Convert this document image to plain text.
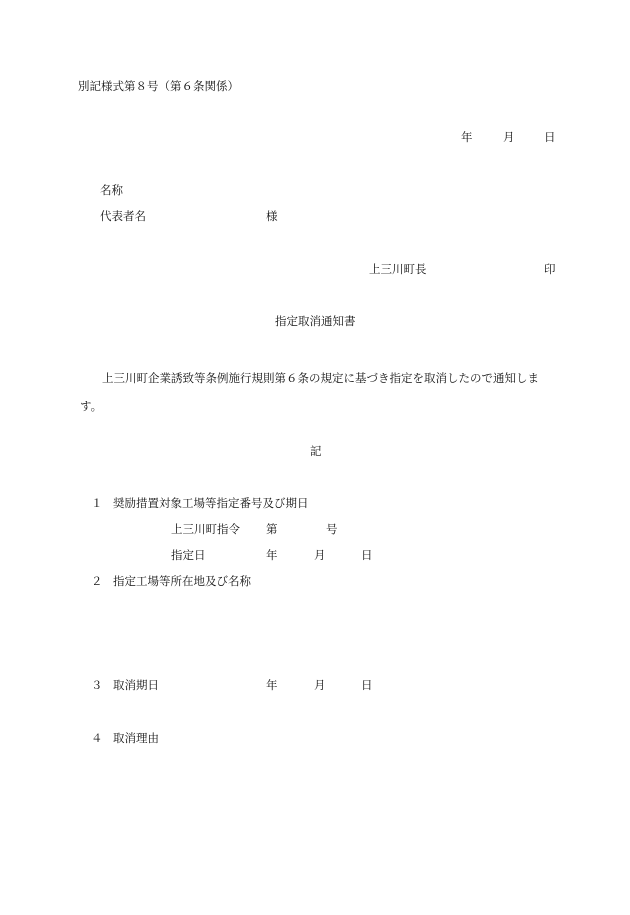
別記様式第８号（第６条関係）
年	月	日
名称
代表者名	様
上三川町長	印
指定取消通知書
上三川町企業誘致等条例施行規則第６条の規定に基づき指定を取消したので通知します。
記
１ 奨励措置対象工場等指定番号及び期日
上三川町指令 第	号
指定日	年	月	日
２ 指定工場等所在地及び名称
３ 取消期日	年	月	日
４ 取消理由
